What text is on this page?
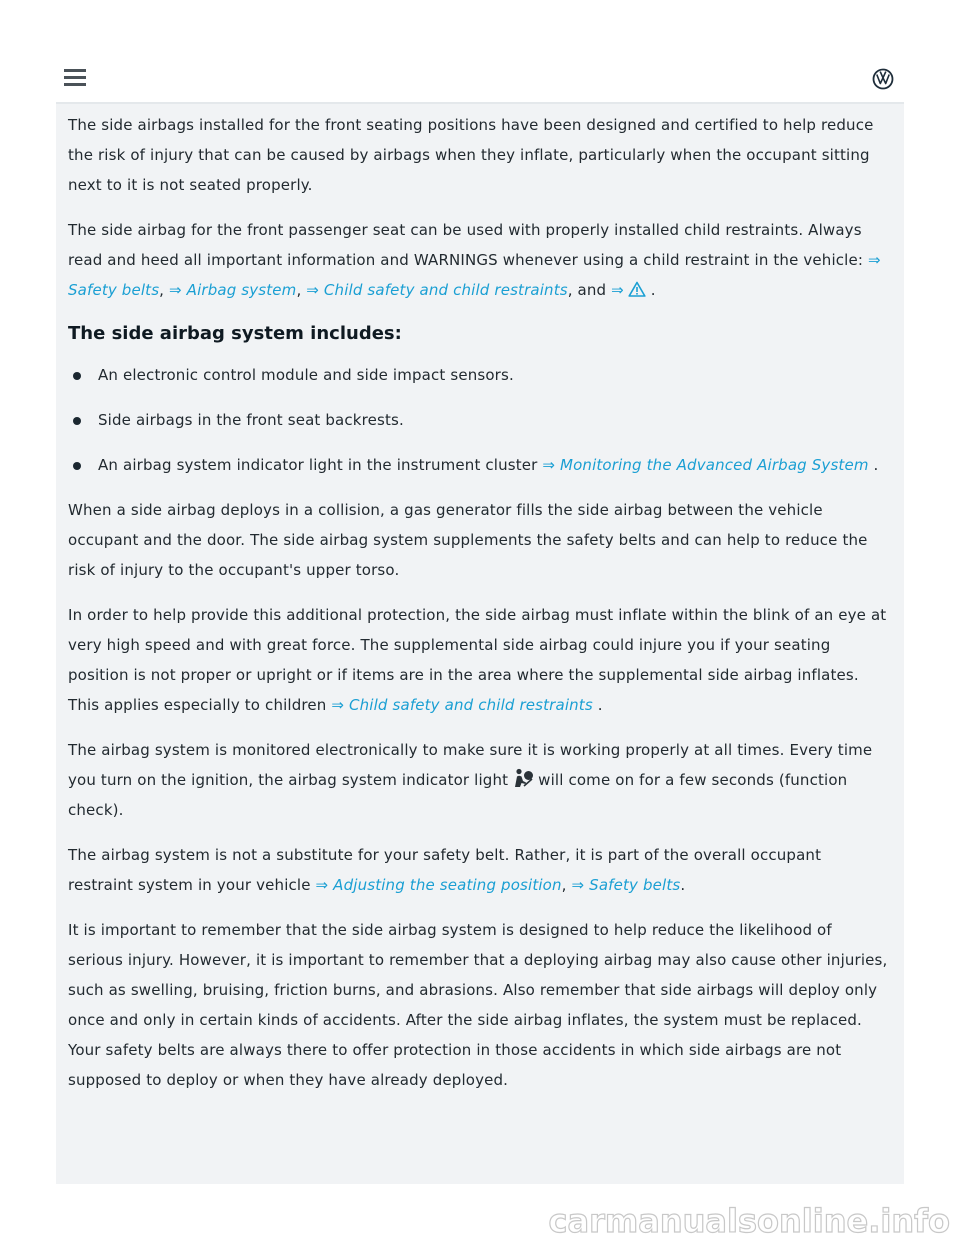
The side airbags installed for the front seating positions have been designed and certified to help reduce the risk of injury that can be caused by airbags when they inflate, particularly when the occupant sitting next to it is not seated properly.

The side airbag for the front passenger seat can be used with properly installed child restraints. Always read and heed all important information and WARNINGS whenever using a child restraint in the vehicle: ⇒ Safety belts, ⇒ Airbag system, ⇒ Child safety and child restraints, and ⇒ .

The side airbag system includes:
An electronic control module and side impact sensors.
Side airbags in the front seat backrests.
An airbag system indicator light in the instrument cluster ⇒ Monitoring the Advanced Airbag System .

When a side airbag deploys in a collision, a gas generator fills the side airbag between the vehicle occupant and the door. The side airbag system supplements the safety belts and can help to reduce the risk of injury to the occupant's upper torso.

In order to help provide this additional protection, the side airbag must inflate within the blink of an eye at very high speed and with great force. The supplemental side airbag could injure you if your seating position is not proper or upright or if items are in the area where the supplemental side airbag inflates. This applies especially to children ⇒ Child safety and child restraints .

The airbag system is monitored electronically to make sure it is working properly at all times. Every time you turn on the ignition, the airbag system indicator light will come on for a few seconds (function check).

The airbag system is not a substitute for your safety belt. Rather, it is part of the overall occupant restraint system in your vehicle ⇒ Adjusting the seating position, ⇒ Safety belts.

It is important to remember that the side airbag system is designed to help reduce the likelihood of serious injury. However, it is important to remember that a deploying airbag may also cause other injuries, such as swelling, bruising, friction burns, and abrasions. Also remember that side airbags will deploy only once and only in certain kinds of accidents. After the side airbag inflates, the system must be replaced. Your safety belts are always there to offer protection in those accidents in which side airbags are not supposed to deploy or when they have already deployed.

carmanualsonline.info
